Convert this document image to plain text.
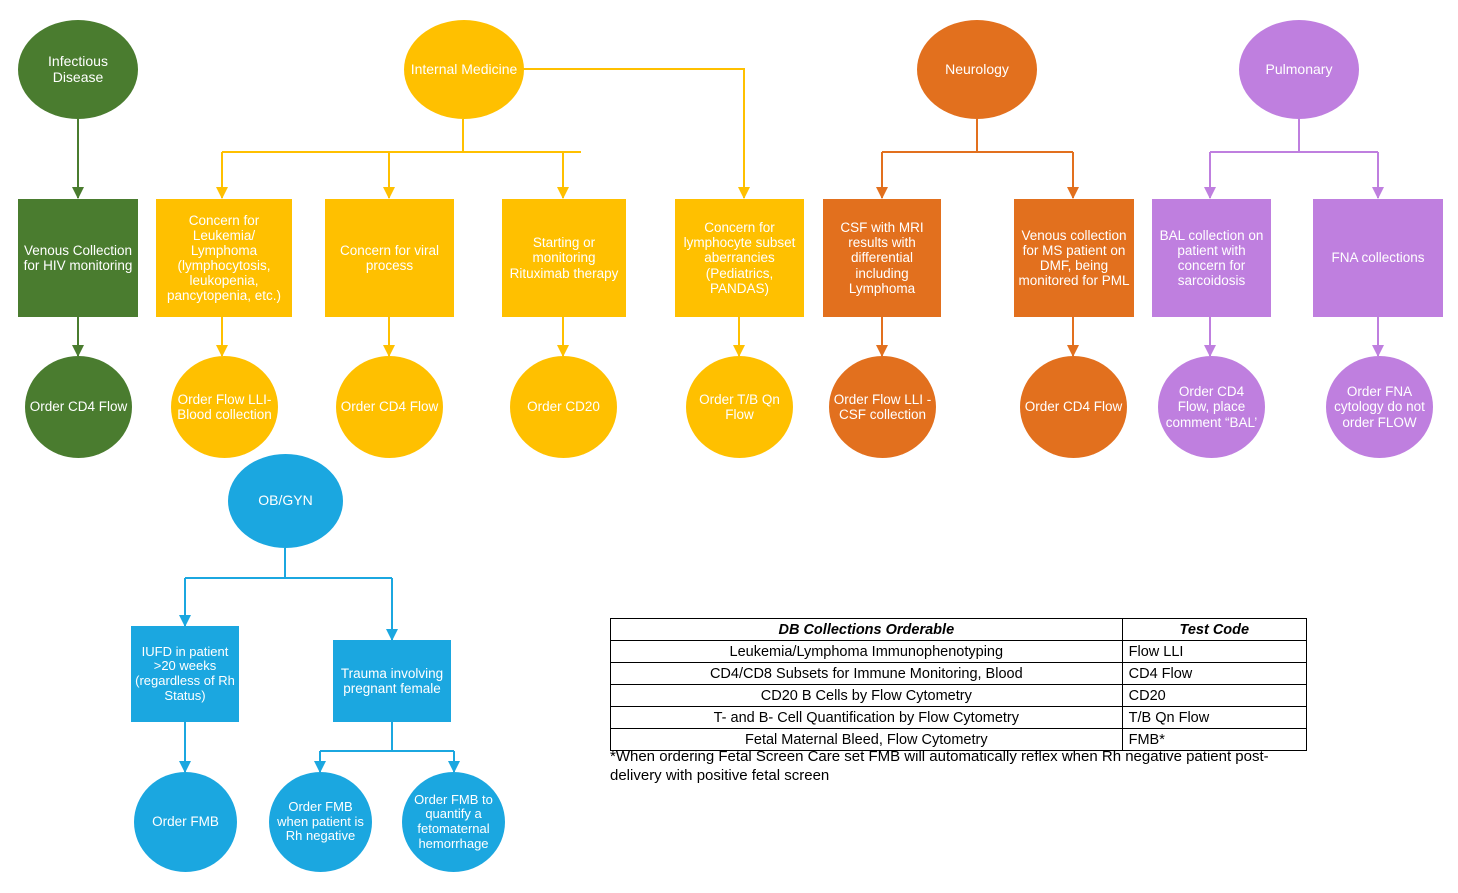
Infectious Disease	Internal Medicine	Neurology	Pulmonary
Venous Collection for HIV monitoring
Concern for Leukemia/ Lymphoma (lymphocytosis, leukopenia, pancytopenia, etc.)
Concern for viral process
Starting or monitoring Rituximab therapy
Concern for lymphocyte subset aberrancies (Pediatrics, PANDAS)
CSF with MRI results with differential including Lymphoma
Venous collection for MS patient on DMF, being monitored for PML
BAL collection on patient with concern for sarcoidosis
FNA collections
Order CD4 Flow
Order Flow LLI-Blood collection
Order CD4 Flow	Order CD20
Order T/B Qn Flow
Order Flow LLI -CSF collection
Order CD4 Flow
Order CD4 Flow, place comment “BAL’
Order FNA cytology do not order FLOW
OB/GYN
IUFD in patient >20 weeks (regardless of Rh Status)
Trauma involving pregnant female
Order FMB
Order FMB when patient is Rh negative
Order FMB to quantify a fetomaternal hemorrhage
DB Collections Orderable	Test Code
Leukemia/Lymphoma Immunophenotyping	Flow LLI
CD4/CD8 Subsets for Immune Monitoring, Blood	CD4 Flow
CD20 B Cells by Flow Cytometry	CD20
T- and B- Cell Quantification by Flow Cytometry	T/B Qn Flow
Fetal Maternal Bleed, Flow Cytometry	FMB*
*When ordering Fetal Screen Care set FMB will automatically reflex when Rh negative patient post-delivery with positive fetal screen
